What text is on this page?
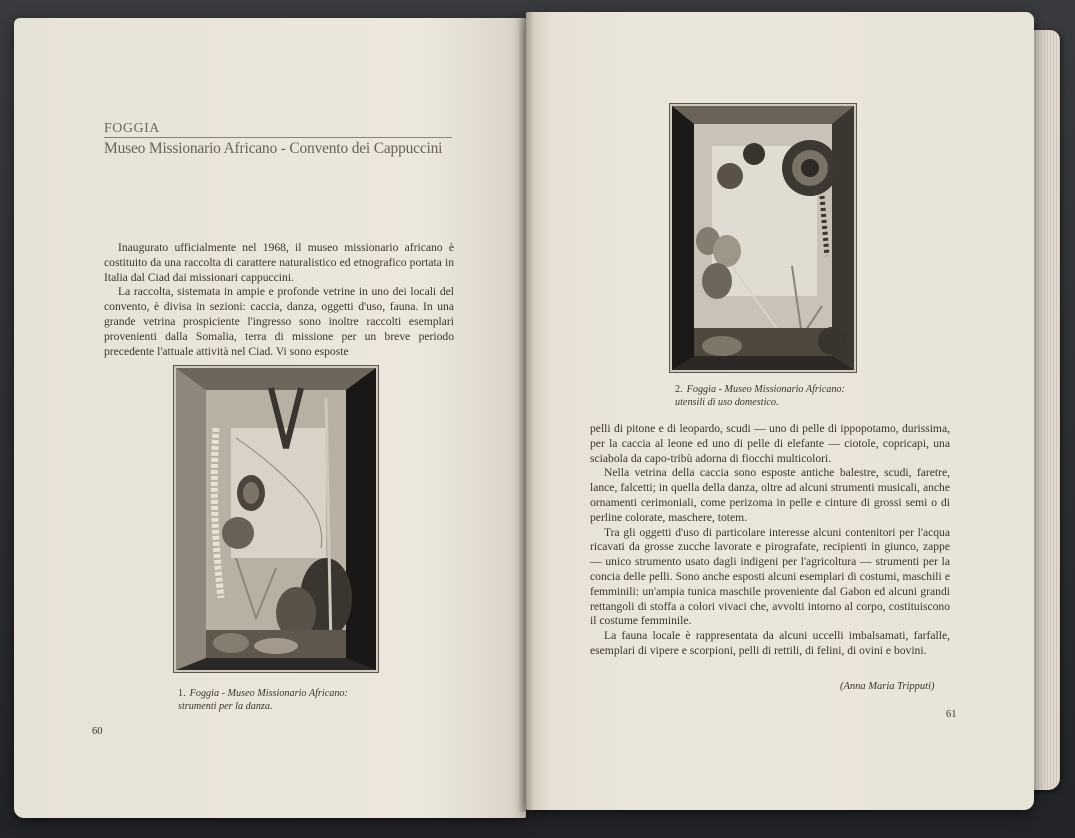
FOGGIA
Museo Missionario Africano - Convento dei Cappuccini

Inaugurato ufficialmente nel 1968, il museo missionario africano è costituito da una raccolta di carattere naturalistico ed etnografico portata in Italia dal Ciad dai missionari cappuccini.

La raccolta, sistemata in ampie e profonde vetrine in uno dei locali del convento, è divisa in sezioni: caccia, danza, oggetti d'uso, fauna. In una grande vetrina prospiciente l'ingresso sono inoltre raccolti esemplari provenienti dalla Somalia, terra di missione per un breve periodo precedente l'attuale attività nel Ciad. Vi sono esposte

1. Foggia - Museo Missionario Africano: strumenti per la danza.
60
2. Foggia - Museo Missionario Africano: utensili di uso domestico.

pelli di pitone e di leopardo, scudi — uno di pelle di ippopotamo, durissima, per la caccia al leone ed uno di pelle di elefante — ciotole, copricapi, una sciabola da capo-tribù adorna di fiocchi multicolori.

Nella vetrina della caccia sono esposte antiche balestre, scudi, faretre, lance, falcetti; in quella della danza, oltre ad alcuni strumenti musicali, anche ornamenti cerimoniali, come perizoma in pelle e cinture di grossi semi o di perline colorate, maschere, totem.

Tra gli oggetti d'uso di particolare interesse alcuni contenitori per l'acqua ricavati da grosse zucche lavorate e pirografate, recipienti in giunco, zappe — unico strumento usato dagli indigeni per l'agricoltura — strumenti per la concia delle pelli. Sono anche esposti alcuni esemplari di costumi, maschili e femminili: un'ampia tunica maschile proveniente dal Gabon ed alcuni grandi rettangoli di stoffa a colori vivaci che, avvolti intorno al corpo, costituiscono il costume femminile.

La fauna locale è rappresentata da alcuni uccelli imbalsamati, farfalle, esemplari di vipere e scorpioni, pelli di rettili, di felini, di ovini e bovini.

(Anna Maria Tripputi)
61
